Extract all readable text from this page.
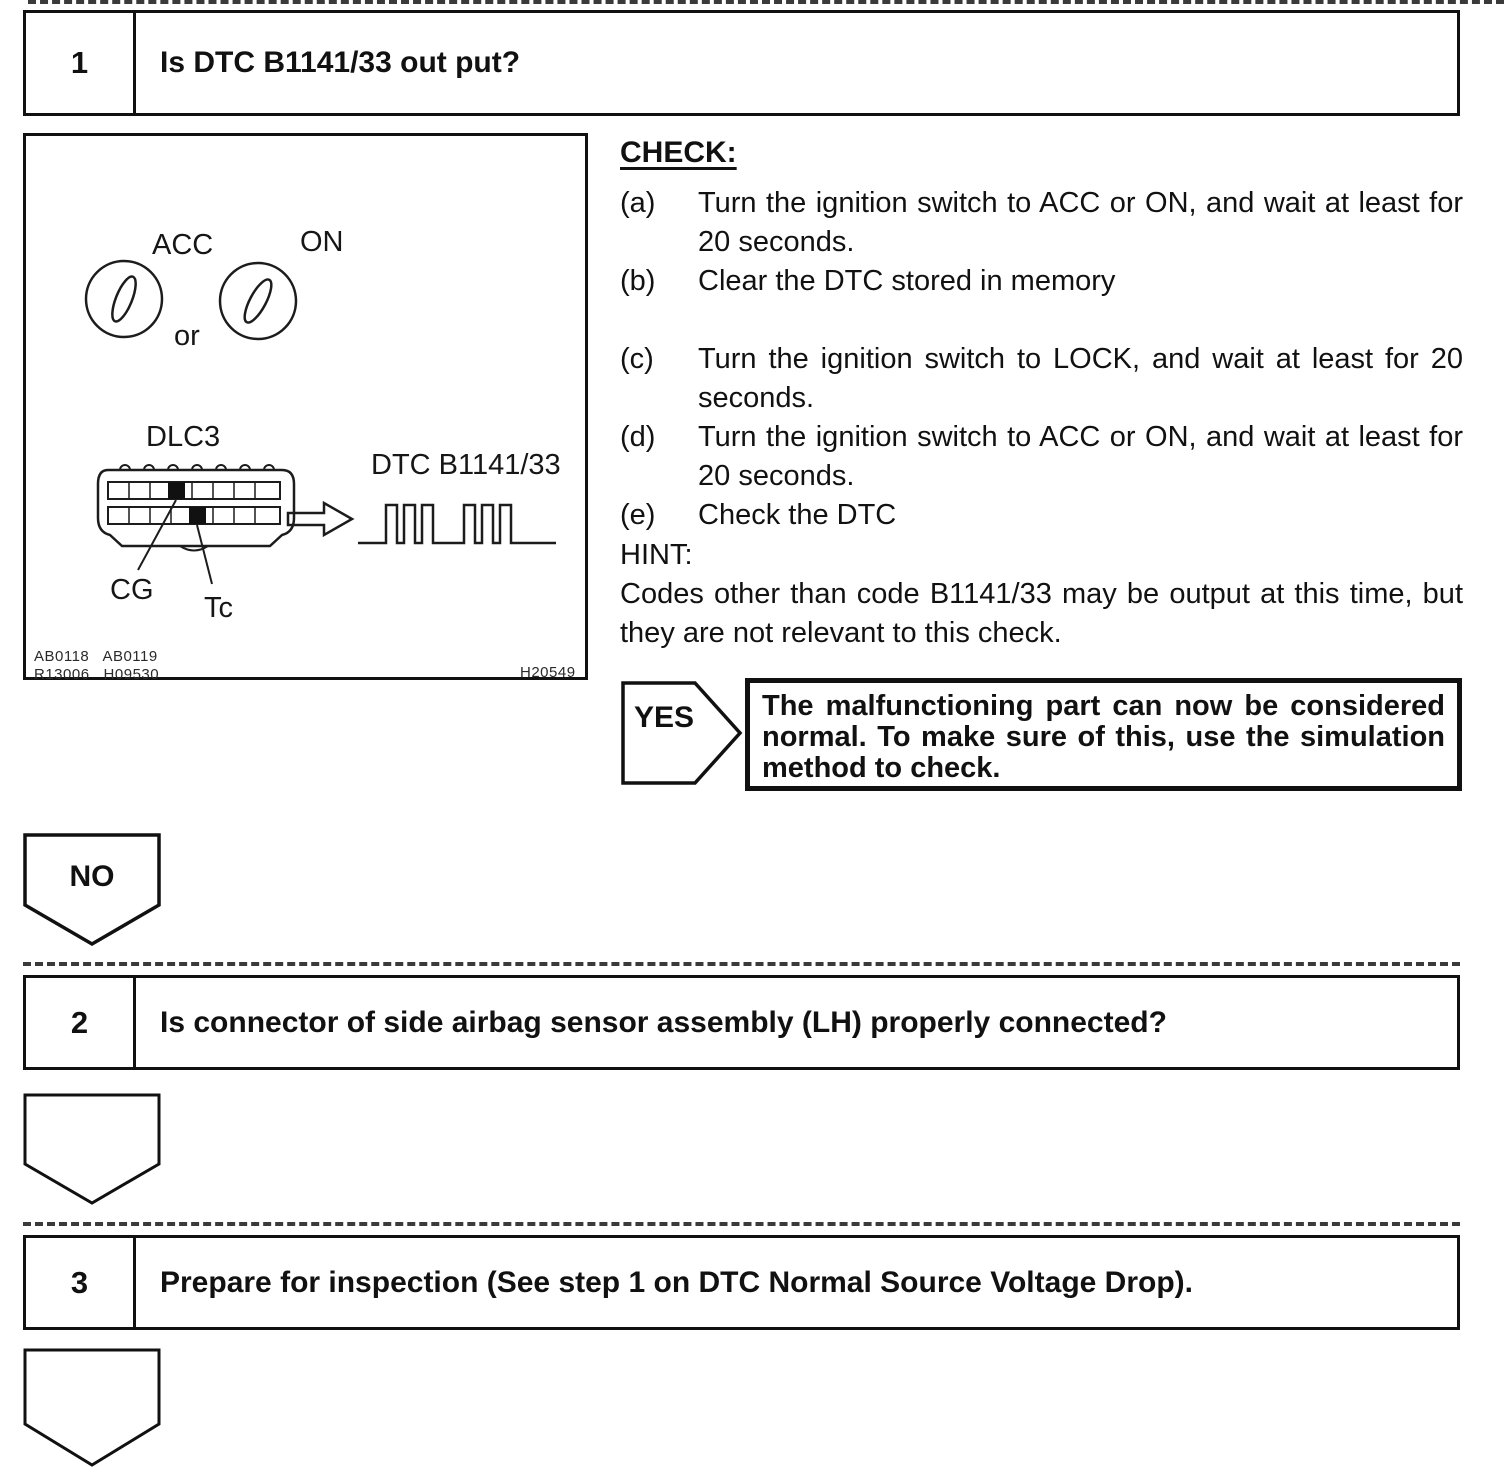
1	Is DTC B1141/33 out put?
ACC	ON
or
DLC3
CG
Tc
DTC B1141/33
AB0118   AB0119
R13006   H09530	H20549
CHECK:
(a)	Turn the ignition switch to ACC or ON, and wait at least for 20 seconds.
(b)	Clear the DTC stored in memory
(c)	Turn the ignition switch to LOCK, and wait at least for 20 seconds.
(d)	Turn the ignition switch to ACC or ON, and wait at least for 20 seconds.
(e)	Check the DTC
HINT:
Codes other than code B1141/33 may be output at this time, but they are not relevant to this check.
YES	The malfunctioning part can now be considered normal. To make sure of this, use the simulation method to check.
NO
2	Is connector of side airbag sensor assembly (LH) properly connected?
3	Prepare for inspection (See step 1 on DTC Normal Source Voltage Drop).
